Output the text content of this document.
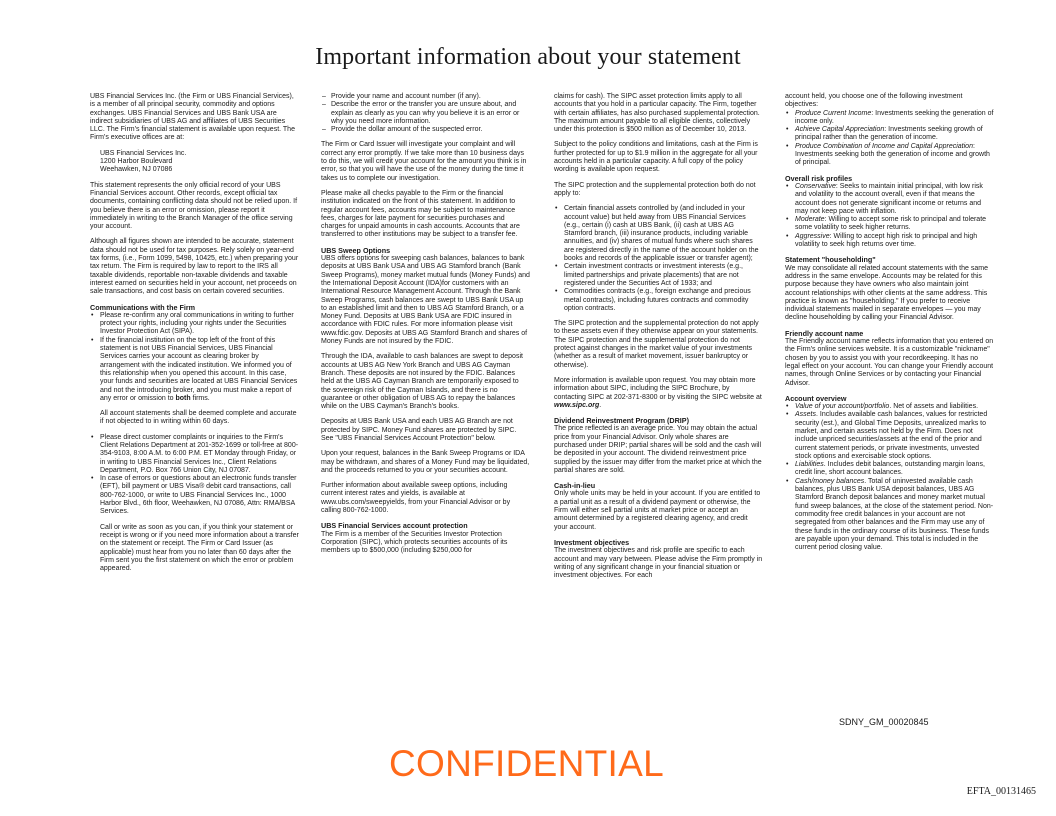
Important information about your statement

UBS Financial Services Inc. (the Firm or UBS Financial Services), is a member of all principal security, commodity and options exchanges. UBS Financial Services and UBS Bank USA are indirect subsidiaries of UBS AG and affiliates of UBS Securities LLC. The Firm's financial statement is available upon request. The Firm's executive offices are at:

UBS Financial Services Inc.
1200 Harbor Boulevard
Weehawken, NJ 07086

This statement represents the only official record of your UBS Financial Services account. Other records, except official tax documents, containing conflicting data should not be relied upon. If you believe there is an error or omission, please report it immediately in writing to the Branch Manager of the office serving your account.

Although all figures shown are intended to be accurate, statement data should not be used for tax purposes. Rely solely on year-end tax forms, (i.e., Form 1099, 5498, 10425, etc.) when preparing your tax return. The Firm is required by law to report to the IRS all taxable dividends, reportable non-taxable dividends and taxable interest earned on securities held in your account, net proceeds on sale transactions, and cost basis on certain covered securities.

Communications with the Firm
• Please re-confirm any oral communications in writing to further protect your rights, including your rights under the Securities Investor Protection Act (SIPA).
• If the financial institution on the top left of the front of this statement is not UBS Financial Services, UBS Financial Services carries your account as clearing broker by arrangement with the indicated institution. We informed you of this relationship when you opened this account. In this case, your funds and securities are located at UBS Financial Services and not the introducing broker, and you must make a report of any error or omission to both firms.

All account statements shall be deemed complete and accurate if not objected to in writing within 60 days.

• Please direct customer complaints or inquiries to the Firm's Client Relations Department at 201-352-1699 or toll-free at 800-354-9103, 8:00 A.M. to 6:00 P.M. ET Monday through Friday, or in writing to UBS Financial Services Inc., Client Relations Department, P.O. Box 766 Union City, NJ 07087.
• In case of errors or questions about an electronic funds transfer (EFT), bill payment or UBS Visa® debit card transactions, call 800-762-1000, or write to UBS Financial Services Inc., 1000 Harbor Blvd., 6th floor, Weehawken, NJ 07086, Attn: RMA/BSA Services.

Call or write as soon as you can, if you think your statement or receipt is wrong or if you need more information about a transfer on the statement or receipt. The Firm or Card Issuer (as applicable) must hear from you no later than 60 days after the Firm sent you the first statement on which the error or problem appeared.

– Provide your name and account number (if any).
– Describe the error or the transfer you are unsure about, and explain as clearly as you can why you believe it is an error or why you need more information.
– Provide the dollar amount of the suspected error.

The Firm or Card Issuer will investigate your complaint and will correct any error promptly. If we take more than 10 business days to do this, we will credit your account for the amount you think is in error, so that you will have the use of the money during the time it takes us to complete our investigation.

Please make all checks payable to the Firm or the financial institution indicated on the front of this statement. In addition to regular account fees, accounts may be subject to maintenance fees, charges for late payment for securities purchases and charges for unpaid amounts in cash accounts. Accounts that are transferred to other institutions may be subject to a transfer fee.

UBS Sweep Options

UBS offers options for sweeping cash balances, balances to bank deposits at UBS Bank USA and UBS AG Stamford branch (Bank Sweep Programs), money market mutual funds (Money Funds) and the International Deposit Account (IDA)for customers with an International Resource Management Account. Through the Bank Sweep Programs, cash balances are swept to UBS Bank USA up to an established limit and then to UBS AG Stamford Branch, or a Money Fund. Deposits at UBS Bank USA are FDIC insured in accordance with FDIC rules. For more information please visit www.fdic.gov. Deposits at UBS AG Stamford Branch and shares of Money Funds are not insured by the FDIC.

Through the IDA, available to cash balances are swept to deposit accounts at UBS AG New York Branch and UBS AG Cayman Branch. These deposits are not insured by the FDIC. Balances held at the UBS AG Cayman Branch are temporarily exposed to the sovereign risk of the Cayman Islands, and there is no guarantee or other obligation of UBS AG to repay the balances while on the UBS Cayman's Branch's books.

Deposits at UBS Bank USA and each UBS AG Branch are not protected by SIPC. Money Fund shares are protected by SIPC. See "UBS Financial Services Account Protection" below.

Upon your request, balances in the Bank Sweep Programs or IDA may be withdrawn, and shares of a Money Fund may be liquidated, and the proceeds returned to you or your securities account.

Further information about available sweep options, including current interest rates and yields, is available at www.ubs.com/sweepyields, from your Financial Advisor or by calling 800-762-1000.

UBS Financial Services account protection

The Firm is a member of the Securities Investor Protection Corporation (SIPC), which protects securities accounts of its members up to $500,000 (including $250,000 for

claims for cash). The SIPC asset protection limits apply to all accounts that you hold in a particular capacity. The Firm, together with certain affiliates, has also purchased supplemental protection. The maximum amount payable to all eligible clients, collectively under this protection is $500 million as of December 10, 2013.

Subject to the policy conditions and limitations, cash at the Firm is further protected for up to $1.9 million in the aggregate for all your accounts held in a particular capacity. A full copy of the policy wording is available upon request.

The SIPC protection and the supplemental protection both do not apply to:

• Certain financial assets controlled by (and included in your account value) but held away from UBS Financial Services (e.g., certain (i) cash at UBS Bank, (ii) cash at UBS AG Stamford branch, (iii) insurance products, including variable annuities, and (iv) shares of mutual funds where such shares are registered directly in the name of the account holder on the books and records of the applicable issuer or transfer agent);
• Certain investment contracts or investment interests (e.g., limited partnerships and private placements) that are not registered under the Securities Act of 1933; and
• Commodities contracts (e.g., foreign exchange and precious metal contracts), including futures contracts and commodity option contracts.

The SIPC protection and the supplemental protection do not apply to these assets even if they otherwise appear on your statements. The SIPC protection and the supplemental protection do not protect against changes in the market value of your investments (whether as a result of market movement, issuer bankruptcy or otherwise).

More information is available upon request. You may obtain more information about SIPC, including the SIPC Brochure, by contacting SIPC at 202-371-8300 or by visiting the SIPC website at www.sipc.org.

Dividend Reinvestment Program (DRIP)

The price reflected is an average price. You may obtain the actual price from your Financial Advisor. Only whole shares are purchased under DRIP; partial shares will be sold and the cash will be deposited in your account. The dividend reinvestment price supplied by the issuer may differ from the market price at which the partial shares are sold.

Cash-in-lieu

Only whole units may be held in your account. If you are entitled to a partial unit as a result of a dividend payment or otherwise, the Firm will either sell partial units at market price or accept an amount determined by a registered clearing agency, and credit your account.

Investment objectives

The investment objectives and risk profile are specific to each account and may vary between. Please advise the Firm promptly in writing of any significant change in your financial situation or investment objectives. For each

account held, you choose one of the following investment objectives:

• Produce Current Income: Investments seeking the generation of income only.
• Achieve Capital Appreciation: Investments seeking growth of principal rather than the generation of income.
• Produce Combination of Income and Capital Appreciation: Investments seeking both the generation of income and growth of principal.
Overall risk profiles
• Conservative: Seeks to maintain initial principal, with low risk and volatility to the account overall, even if that means the account does not generate significant income or returns and may not keep pace with inflation.
• Moderate: Willing to accept some risk to principal and tolerate some volatility to seek higher returns.
• Aggressive: Willing to accept high risk to principal and high volatility to seek high returns over time.
Statement "householding"

We may consolidate all related account statements with the same address in the same envelope. Accounts may be related for this purpose because they have owners who also maintain joint account relationships with other clients at the same address. This practice is known as "householding." If you prefer to receive individual statements mailed in separate envelopes — you may decline householding by calling your Financial Advisor.

Friendly account name

The Friendly account name reflects information that you entered on the Firm's online services website. It is a customizable "nickname" chosen by you to assist you with your recordkeeping. It has no legal effect on your account. You can change your Friendly account names, through Online Services or by contacting your Financial Advisor.

Account overview
• Value of your account/portfolio. Net of assets and liabilities.
• Assets. Includes available cash balances, values for restricted security (est.), and Global Time Deposits, unrealized marks to market, and certain assets not held by the Firm. Does not include unpriced securities/assets at the end of the prior and current statement periods, or private investments, unvested stock options and exercisable stock options.
• Liabilities. Includes debit balances, outstanding margin loans, credit line, short account balances.
• Cash/money balances. Total of uninvested available cash balances, plus UBS Bank USA deposit balances, UBS AG Stamford Branch deposit balances and money market mutual fund sweep balances, at the close of the statement period. Non-commodity free credit balances in your account are not segregated from other balances and the Firm may use any of these funds in the ordinary course of its business. These funds are payable upon your demand. This total is included in the current period closing value.
SDNY_GM_00020845
CONFIDENTIAL
EFTA_00131465
